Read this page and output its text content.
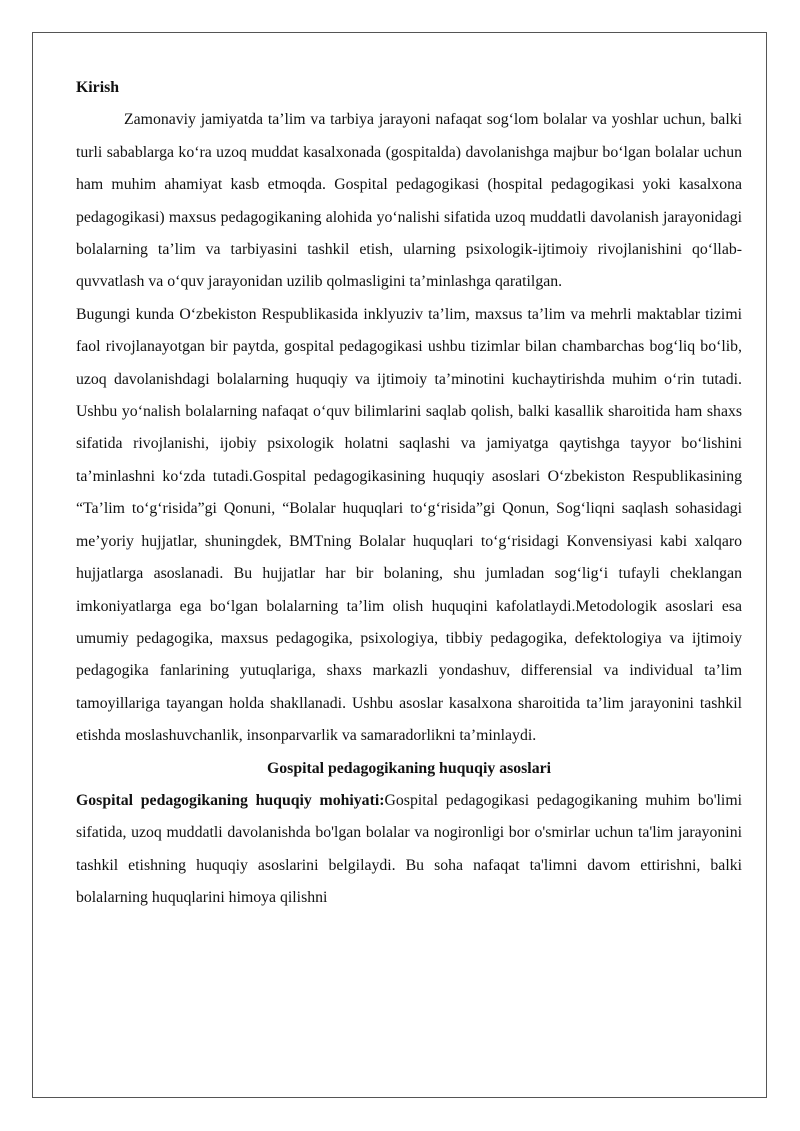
Kirish

Zamonaviy jamiyatda ta’lim va tarbiya jarayoni nafaqat sog‘lom bolalar va yoshlar uchun, balki turli sabablarga ko‘ra uzoq muddat kasalxonada (gospitalda) davolanishga majbur bo‘lgan bolalar uchun ham muhim ahamiyat kasb etmoqda. Gospital pedagogikasi (hospital pedagogikasi yoki kasalxona pedagogikasi) maxsus pedagogikaning alohida yo‘nalishi sifatida uzoq muddatli davolanish jarayonidagi bolalarning ta’lim va tarbiyasini tashkil etish, ularning psixologik-ijtimoiy rivojlanishini qo‘llab-quvvatlash va o‘quv jarayonidan uzilib qolmasligini ta’minlashga qaratilgan.

Bugungi kunda O‘zbekiston Respublikasida inklyuziv ta’lim, maxsus ta’lim va mehrli maktablar tizimi faol rivojlanayotgan bir paytda, gospital pedagogikasi ushbu tizimlar bilan chambarchas bog‘liq bo‘lib, uzoq davolanishdagi bolalarning huquqiy va ijtimoiy ta’minotini kuchaytirishda muhim o‘rin tutadi. Ushbu yo‘nalish bolalarning nafaqat o‘quv bilimlarini saqlab qolish, balki kasallik sharoitida ham shaxs sifatida rivojlanishi, ijobiy psixologik holatni saqlashi va jamiyatga qaytishga tayyor bo‘lishini ta’minlashni ko‘zda tutadi.Gospital pedagogikasining huquqiy asoslari O‘zbekiston Respublikasining “Ta’lim to‘g‘risida”gi Qonuni, “Bolalar huquqlari to‘g‘risida”gi Qonun, Sog‘liqni saqlash sohasidagi me’yoriy hujjatlar, shuningdek, BMTning Bolalar huquqlari to‘g‘risidagi Konvensiyasi kabi xalqaro hujjatlarga asoslanadi. Bu hujjatlar har bir bolaning, shu jumladan sog‘lig‘i tufayli cheklangan imkoniyatlarga ega bo‘lgan bolalarning ta’lim olish huquqini kafolatlaydi.Metodologik asoslari esa umumiy pedagogika, maxsus pedagogika, psixologiya, tibbiy pedagogika, defektologiya va ijtimoiy pedagogika fanlarining yutuqlariga, shaxs markazli yondashuv, differensial va individual ta’lim tamoyillariga tayangan holda shakllanadi. Ushbu asoslar kasalxona sharoitida ta’lim jarayonini tashkil etishda moslashuvchanlik, insonparvarlik va samaradorlikni ta’minlaydi.

Gospital pedagogikaning huquqiy asoslari

Gospital pedagogikaning huquqiy mohiyati:Gospital pedagogikasi pedagogikaning muhim bo'limi sifatida, uzoq muddatli davolanishda bo'lgan bolalar va nogironligi bor o'smirlar uchun ta'lim jarayonini tashkil etishning huquqiy asoslarini belgilaydi. Bu soha nafaqat ta'limni davom ettirishni, balki bolalarning huquqlarini himoya qilishni
